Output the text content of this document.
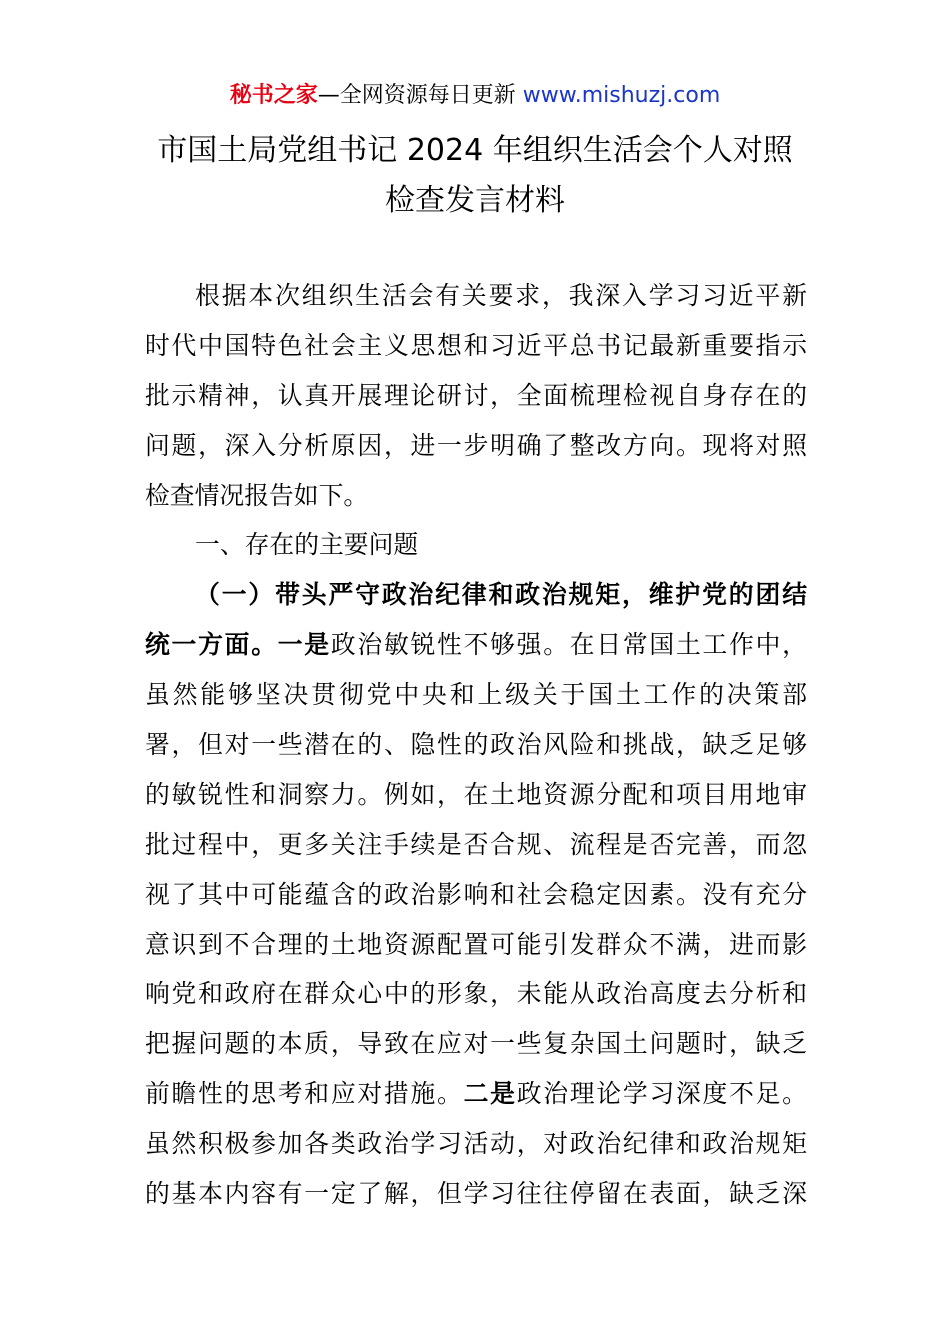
秘书之家—全网资源每日更新 www.mishuzj.com
市国土局党组书记 2024 年组织生活会个人对照
检查发言材料
根据本次组织生活会有关要求，我深入学习习近平新
时代中国特色社会主义思想和习近平总书记最新重要指示
批示精神，认真开展理论研讨，全面梳理检视自身存在的
问题，深入分析原因，进一步明确了整改方向。现将对照
检查情况报告如下。
一、存在的主要问题
（一）带头严守政治纪律和政治规矩，维护党的团结
统一方面。一是政治敏锐性不够强。在日常国土工作中，
虽然能够坚决贯彻党中央和上级关于国土工作的决策部
署，但对一些潜在的、隐性的政治风险和挑战，缺乏足够
的敏锐性和洞察力。例如，在土地资源分配和项目用地审
批过程中，更多关注手续是否合规、流程是否完善，而忽
视了其中可能蕴含的政治影响和社会稳定因素。没有充分
意识到不合理的土地资源配置可能引发群众不满，进而影
响党和政府在群众心中的形象，未能从政治高度去分析和
把握问题的本质，导致在应对一些复杂国土问题时，缺乏
前瞻性的思考和应对措施。二是政治理论学习深度不足。
虽然积极参加各类政治学习活动，对政治纪律和政治规矩
的基本内容有一定了解，但学习往往停留在表面，缺乏深
